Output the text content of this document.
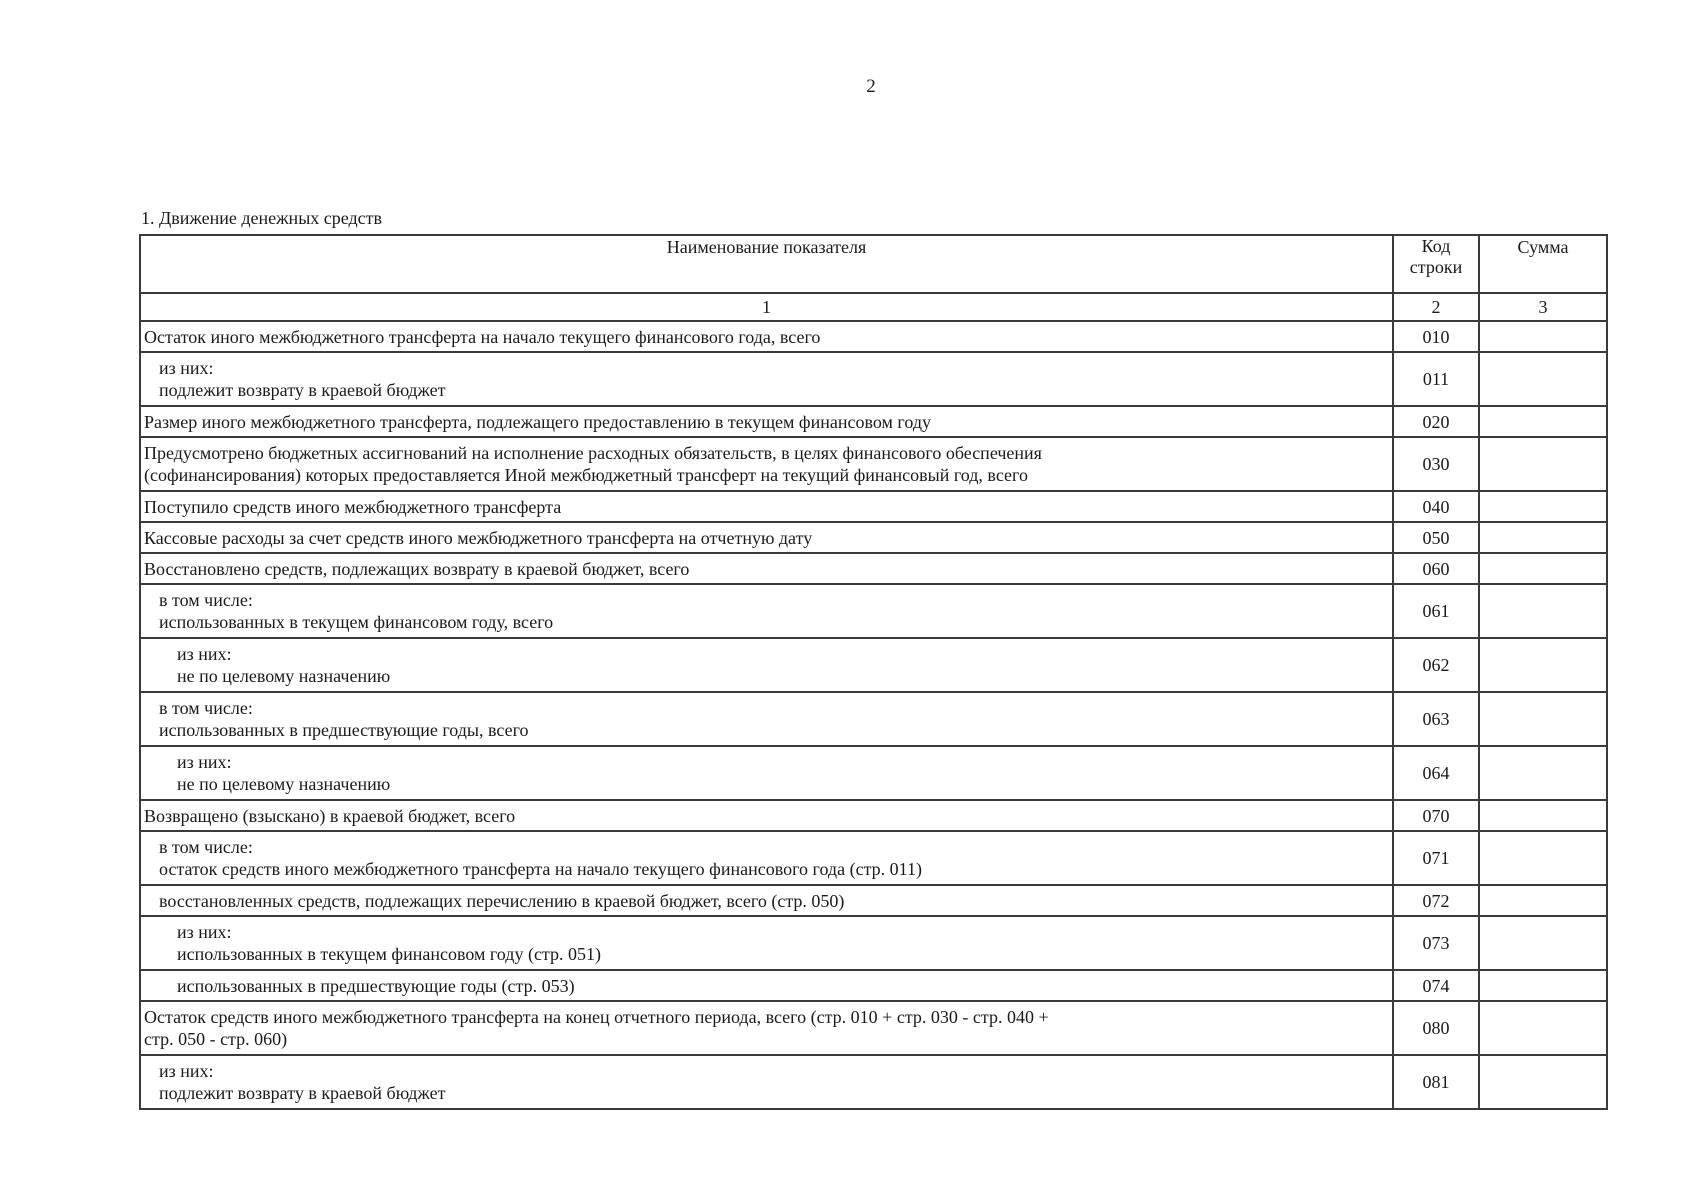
2
1. Движение денежных средств
Наименование показателя	Код строки	Сумма
1	2	3

Остаток иного межбюджетного трансферта на начало текущего финансового года, всего	010	

из них:
подлежит возврату в краевой бюджет	011	

Размер иного межбюджетного трансферта, подлежащего предоставлению в текущем финансовом году	020	

Предусмотрено бюджетных ассигнований на исполнение расходных обязательств, в целях финансового обеспечения
(софинансирования) которых предоставляется Иной межбюджетный трансферт на текущий финансовый год, всего	030	

Поступило средств иного межбюджетного трансферта	040	

Кассовые расходы за счет средств иного межбюджетного трансферта на отчетную дату	050	

Восстановлено средств, подлежащих возврату в краевой бюджет, всего	060	

в том числе:
использованных в текущем финансовом году, всего	061	

из них:
не по целевому назначению	062	

в том числе:
использованных в предшествующие годы, всего	063	

из них:
не по целевому назначению	064	

Возвращено (взыскано) в краевой бюджет, всего	070	

в том числе:
остаток средств иного межбюджетного трансферта на начало текущего финансового года (стр. 011)	071	

восстановленных средств, подлежащих перечислению в краевой бюджет, всего (стр. 050)	072	

из них:
использованных в текущем финансовом году (стр. 051)	073	

использованных в предшествующие годы (стр. 053)	074	

Остаток средств иного межбюджетного трансферта на конец отчетного периода, всего (стр. 010 + стр. 030 - стр. 040 +
стр. 050 - стр. 060)	080	

из них:
подлежит возврату в краевой бюджет	081	
